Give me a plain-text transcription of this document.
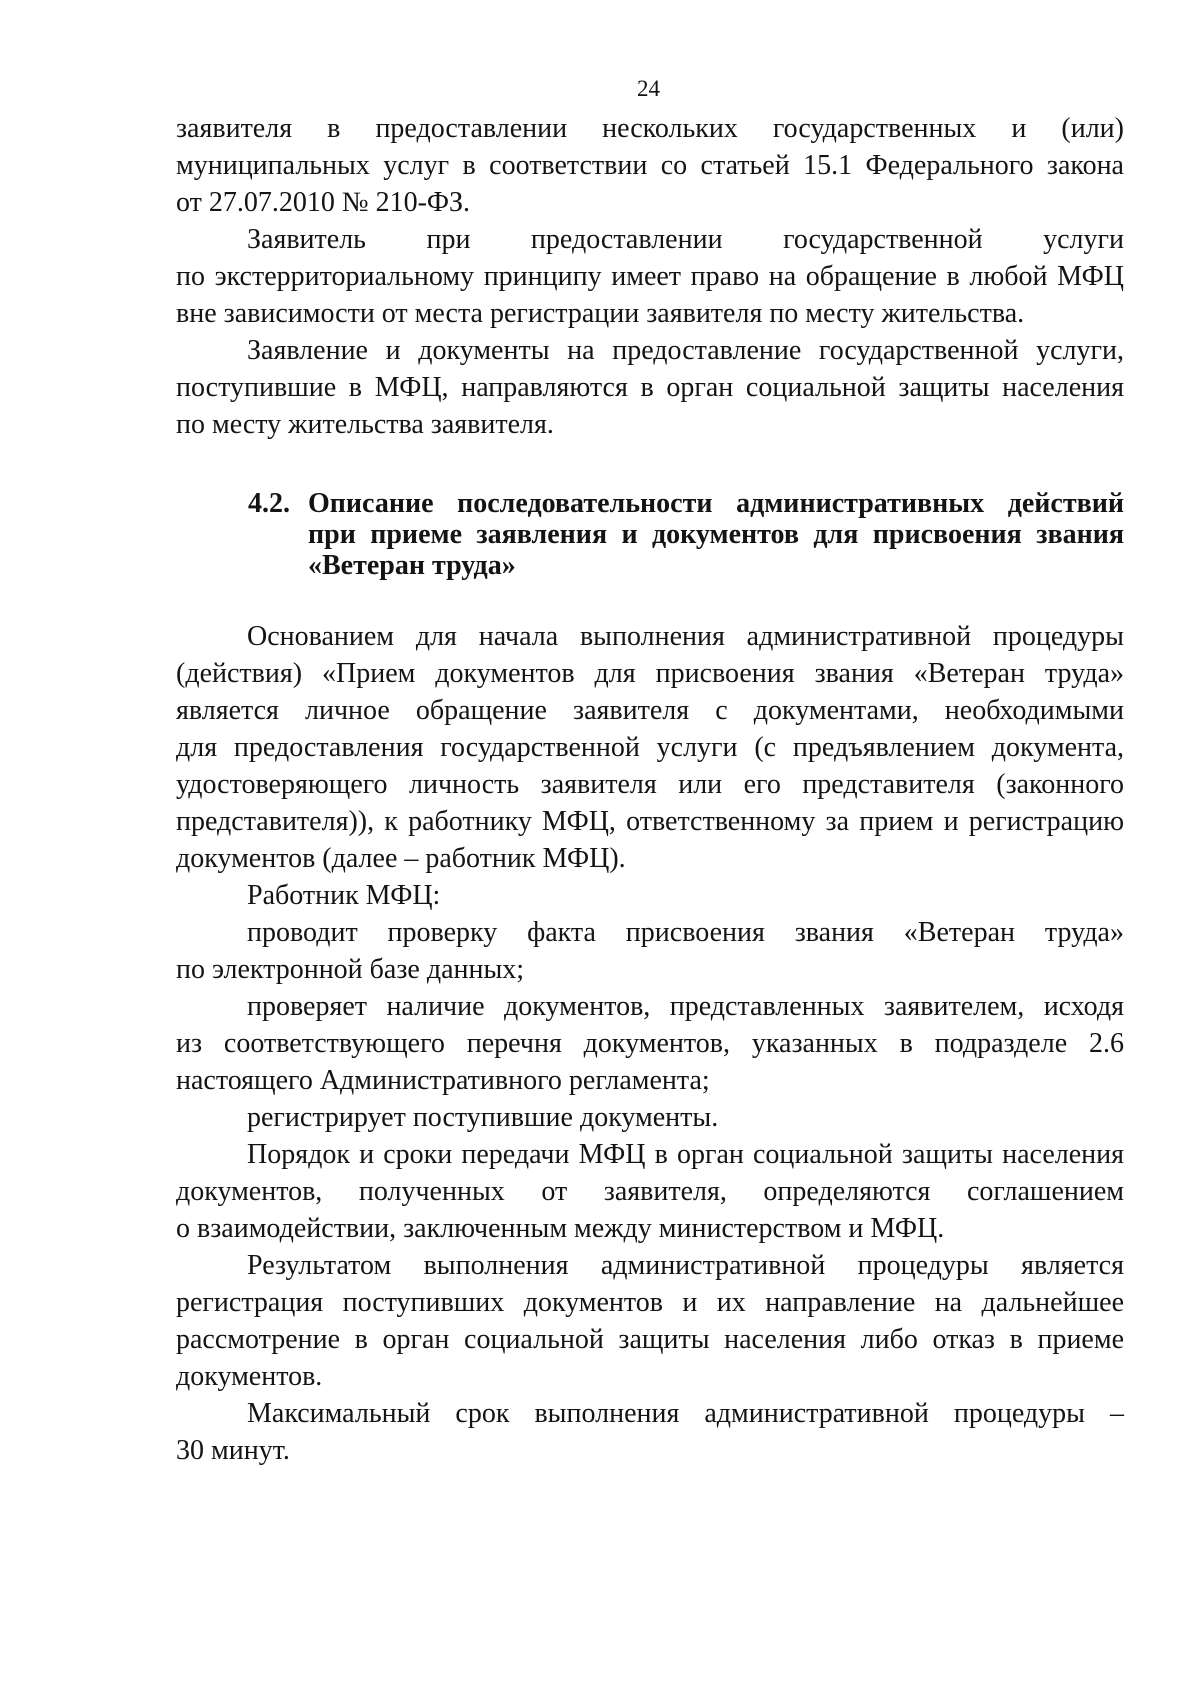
24
заявителя в предоставлении нескольких государственных и (или)
муниципальных услуг в соответствии со статьей 15.1 Федерального закона
от 27.07.2010 № 210-ФЗ.
Заявитель при предоставлении государственной услуги
по экстерриториальному принципу имеет право на обращение в любой МФЦ
вне зависимости от места регистрации заявителя по месту жительства.
Заявление и документы на предоставление государственной услуги,
поступившие в МФЦ, направляются в орган социальной защиты населения
по месту жительства заявителя.
4.2. Описание последовательности административных действий
при приеме заявления и документов для присвоения звания
«Ветеран труда»
Основанием для начала выполнения административной процедуры
(действия) «Прием документов для присвоения звания «Ветеран труда»
является личное обращение заявителя с документами, необходимыми
для предоставления государственной услуги (с предъявлением документа,
удостоверяющего личность заявителя или его представителя (законного
представителя)), к работнику МФЦ, ответственному за прием и регистрацию
документов (далее – работник МФЦ).
Работник МФЦ:
проводит проверку факта присвоения звания «Ветеран труда»
по электронной базе данных;
проверяет наличие документов, представленных заявителем, исходя
из соответствующего перечня документов, указанных в подразделе 2.6
настоящего Административного регламента;
регистрирует поступившие документы.
Порядок и сроки передачи МФЦ в орган социальной защиты населения
документов, полученных от заявителя, определяются соглашением
о взаимодействии, заключенным между министерством и МФЦ.
Результатом выполнения административной процедуры является
регистрация поступивших документов и их направление на дальнейшее
рассмотрение в орган социальной защиты населения либо отказ в приеме
документов.
Максимальный срок выполнения административной процедуры –
30 минут.
